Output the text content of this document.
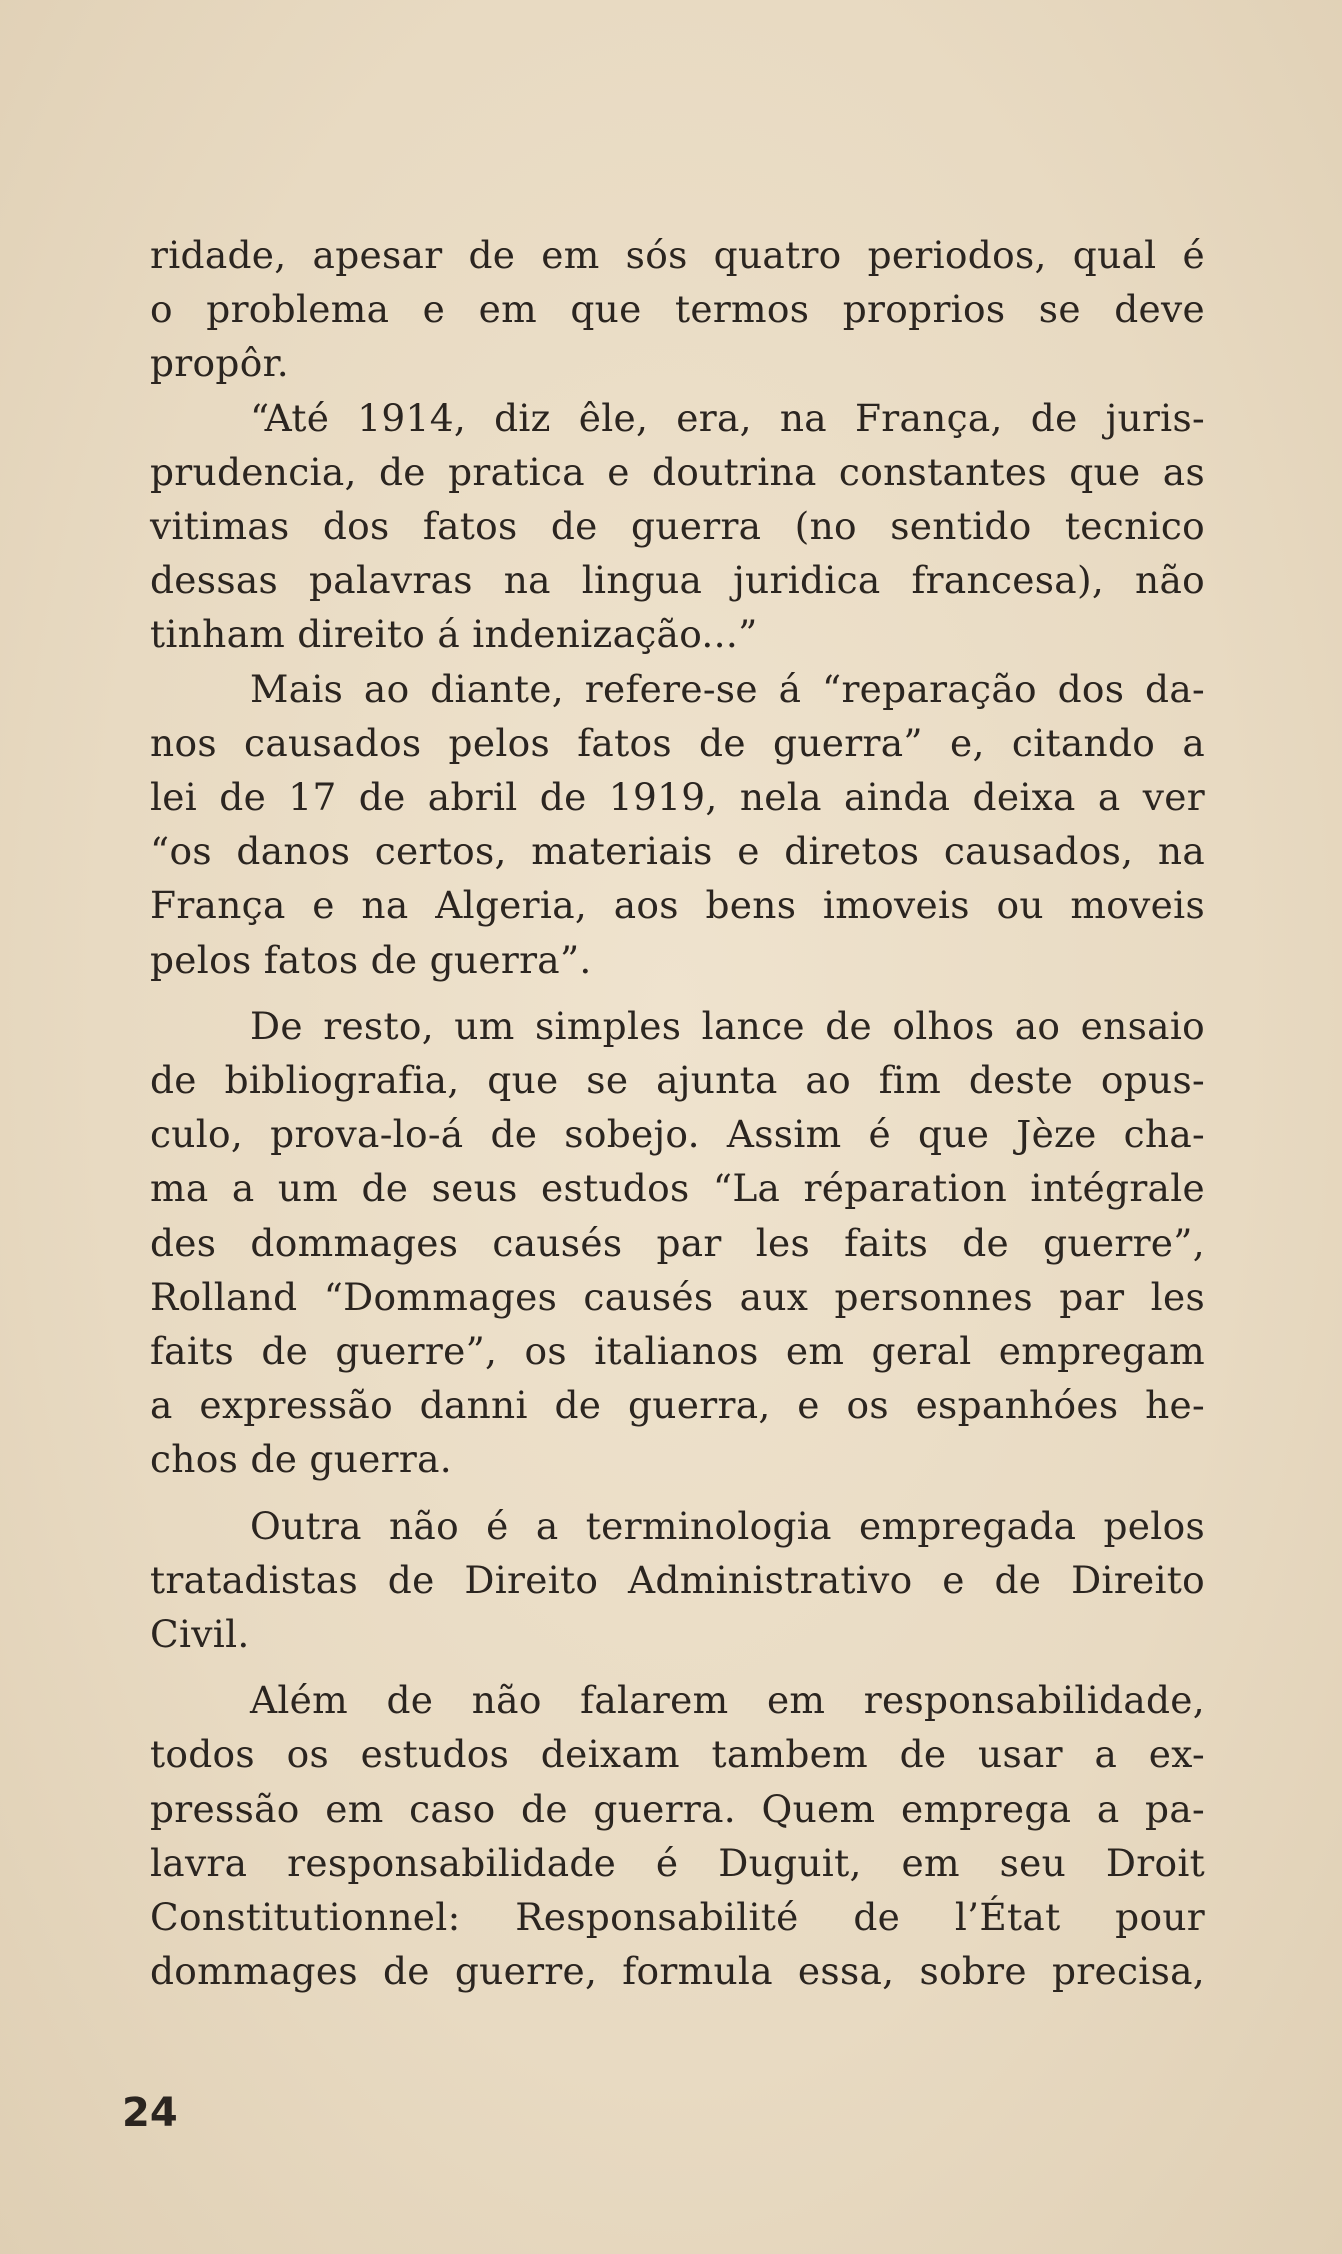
ridade, apesar de em sós quatro periodos, qual é
o problema e em que termos proprios se deve
propôr.

“Até 1914, diz êle, era, na França, de juris-
prudencia, de pratica e doutrina constantes que as
vitimas dos fatos de guerra (no sentido tecnico
dessas palavras na lingua juridica francesa), não
tinham direito á indenização...”

Mais ao diante, refere-se á “reparação dos da-
nos causados pelos fatos de guerra” e, citando a
lei de 17 de abril de 1919, nela ainda deixa a ver
“os danos certos, materiais e diretos causados, na
França e na Algeria, aos bens imoveis ou moveis
pelos fatos de guerra”.

De resto, um simples lance de olhos ao ensaio
de bibliografia, que se ajunta ao fim deste opus-
culo, prova-lo-á de sobejo. Assim é que Jèze cha-
ma a um de seus estudos “La réparation intégrale
des dommages causés par les faits de guerre”,
Rolland “Dommages causés aux personnes par les
faits de guerre”, os italianos em geral empregam
a expressão danni de guerra, e os espanhóes he-
chos de guerra.

Outra não é a terminologia empregada pelos
tratadistas de Direito Administrativo e de Direito
Civil.

Além de não falarem em responsabilidade,
todos os estudos deixam tambem de usar a ex-
pressão em caso de guerra. Quem emprega a pa-
lavra responsabilidade é Duguit, em seu Droit
Constitutionnel: Responsabilité de l’État pour
dommages de guerre, formula essa, sobre precisa,

24
